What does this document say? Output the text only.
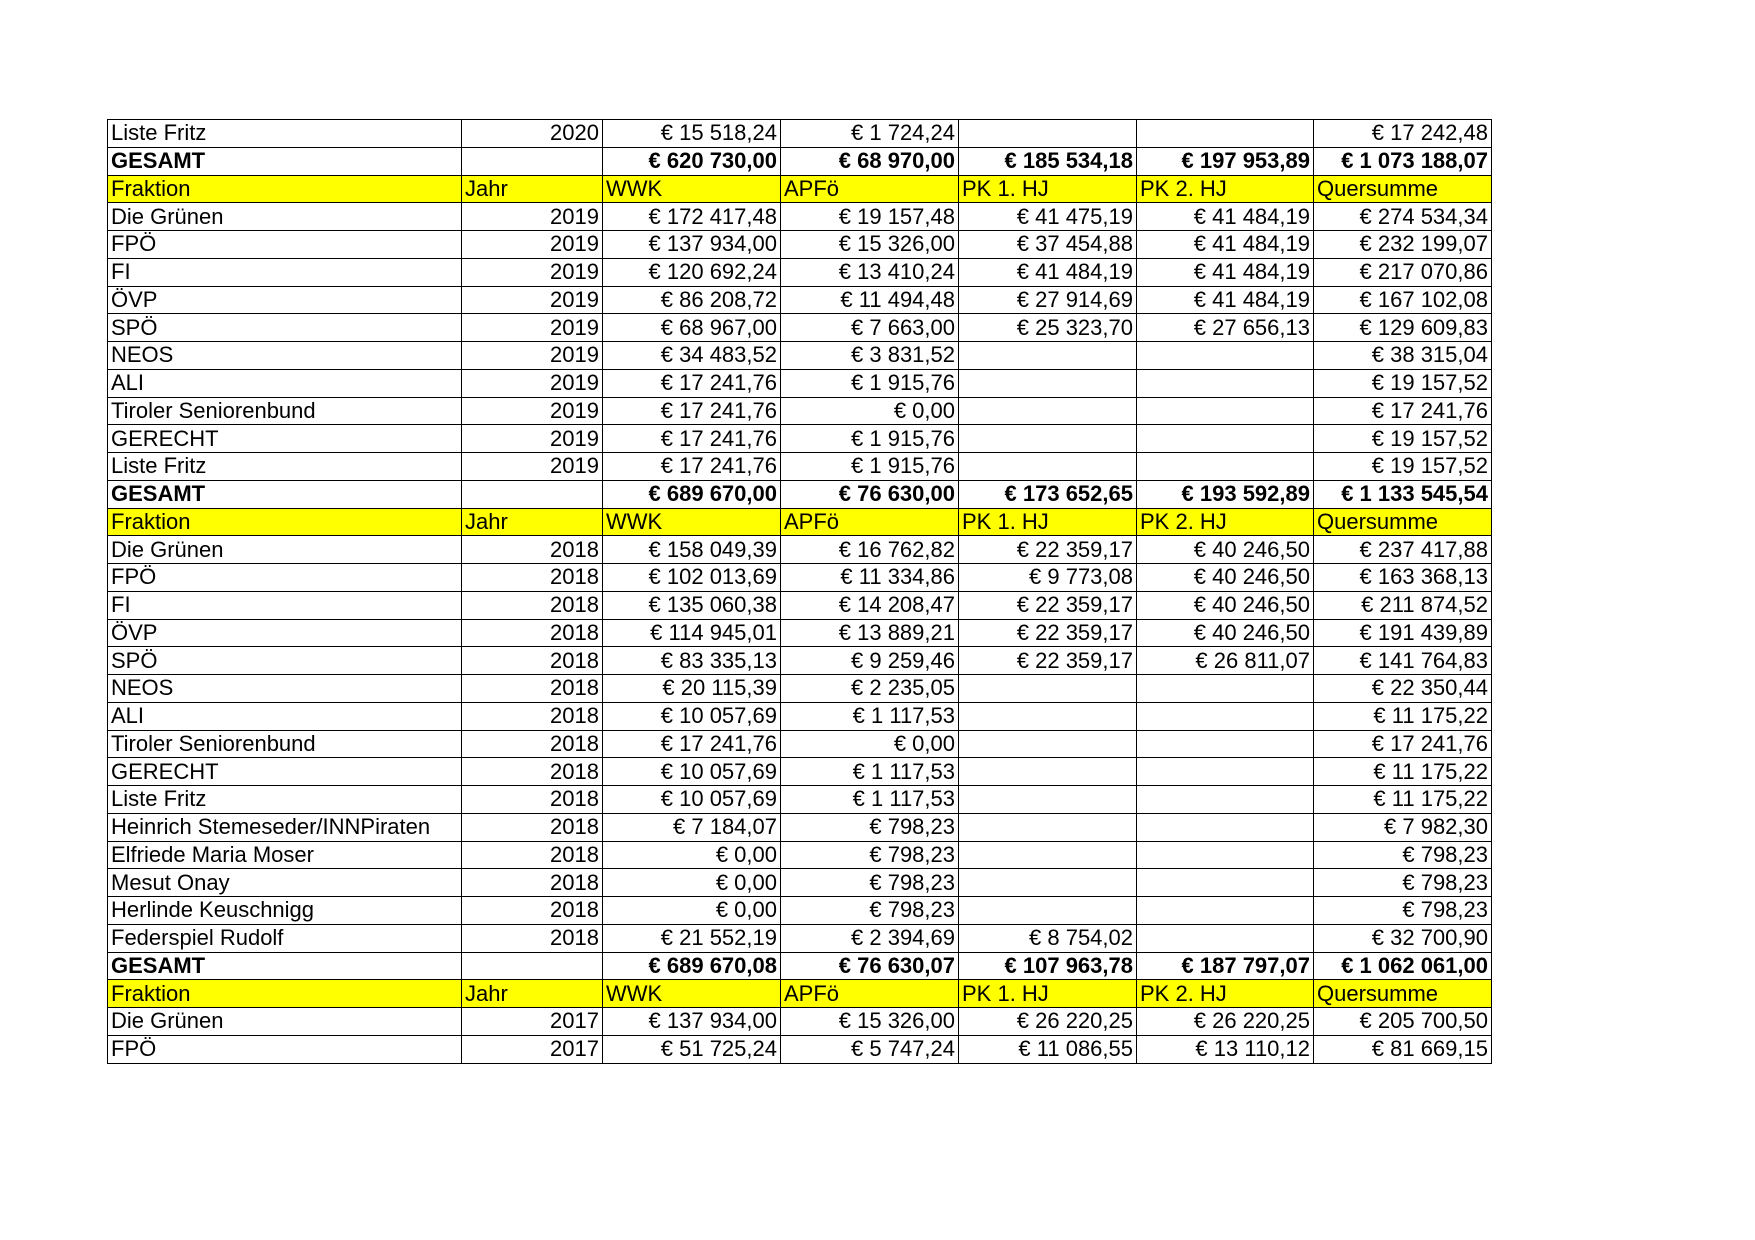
Liste Fritz	2020	€ 15 518,24	€ 1 724,24			€ 17 242,48
GESAMT		€ 620 730,00	€ 68 970,00	€ 185 534,18	€ 197 953,89	€ 1 073 188,07
Fraktion	Jahr	WWK	APFö	PK 1. HJ	PK 2. HJ	Quersumme
Die Grünen	2019	€ 172 417,48	€ 19 157,48	€ 41 475,19	€ 41 484,19	€ 274 534,34
FPÖ	2019	€ 137 934,00	€ 15 326,00	€ 37 454,88	€ 41 484,19	€ 232 199,07
FI	2019	€ 120 692,24	€ 13 410,24	€ 41 484,19	€ 41 484,19	€ 217 070,86
ÖVP	2019	€ 86 208,72	€ 11 494,48	€ 27 914,69	€ 41 484,19	€ 167 102,08
SPÖ	2019	€ 68 967,00	€ 7 663,00	€ 25 323,70	€ 27 656,13	€ 129 609,83
NEOS	2019	€ 34 483,52	€ 3 831,52			€ 38 315,04
ALI	2019	€ 17 241,76	€ 1 915,76			€ 19 157,52
Tiroler Seniorenbund	2019	€ 17 241,76	€ 0,00			€ 17 241,76
GERECHT	2019	€ 17 241,76	€ 1 915,76			€ 19 157,52
Liste Fritz	2019	€ 17 241,76	€ 1 915,76			€ 19 157,52
GESAMT		€ 689 670,00	€ 76 630,00	€ 173 652,65	€ 193 592,89	€ 1 133 545,54
Fraktion	Jahr	WWK	APFö	PK 1. HJ	PK 2. HJ	Quersumme
Die Grünen	2018	€ 158 049,39	€ 16 762,82	€ 22 359,17	€ 40 246,50	€ 237 417,88
FPÖ	2018	€ 102 013,69	€ 11 334,86	€ 9 773,08	€ 40 246,50	€ 163 368,13
FI	2018	€ 135 060,38	€ 14 208,47	€ 22 359,17	€ 40 246,50	€ 211 874,52
ÖVP	2018	€ 114 945,01	€ 13 889,21	€ 22 359,17	€ 40 246,50	€ 191 439,89
SPÖ	2018	€ 83 335,13	€ 9 259,46	€ 22 359,17	€ 26 811,07	€ 141 764,83
NEOS	2018	€ 20 115,39	€ 2 235,05			€ 22 350,44
ALI	2018	€ 10 057,69	€ 1 117,53			€ 11 175,22
Tiroler Seniorenbund	2018	€ 17 241,76	€ 0,00			€ 17 241,76
GERECHT	2018	€ 10 057,69	€ 1 117,53			€ 11 175,22
Liste Fritz	2018	€ 10 057,69	€ 1 117,53			€ 11 175,22
Heinrich Stemeseder/INNPiraten	2018	€ 7 184,07	€ 798,23			€ 7 982,30
Elfriede Maria Moser	2018	€ 0,00	€ 798,23			€ 798,23
Mesut Onay	2018	€ 0,00	€ 798,23			€ 798,23
Herlinde Keuschnigg	2018	€ 0,00	€ 798,23			€ 798,23
Federspiel Rudolf	2018	€ 21 552,19	€ 2 394,69	€ 8 754,02		€ 32 700,90
GESAMT		€ 689 670,08	€ 76 630,07	€ 107 963,78	€ 187 797,07	€ 1 062 061,00
Fraktion	Jahr	WWK	APFö	PK 1. HJ	PK 2. HJ	Quersumme
Die Grünen	2017	€ 137 934,00	€ 15 326,00	€ 26 220,25	€ 26 220,25	€ 205 700,50
FPÖ	2017	€ 51 725,24	€ 5 747,24	€ 11 086,55	€ 13 110,12	€ 81 669,15
